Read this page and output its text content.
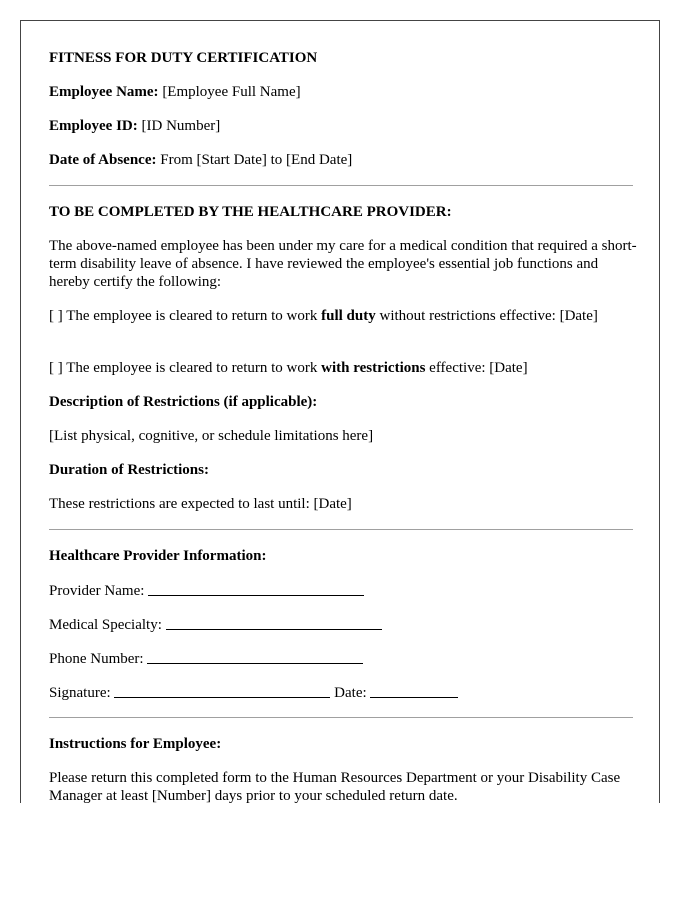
FITNESS FOR DUTY CERTIFICATION
Employee Name: [Employee Full Name]
Employee ID: [ID Number]
Date of Absence: From [Start Date] to [End Date]
TO BE COMPLETED BY THE HEALTHCARE PROVIDER:
The above-named employee has been under my care for a medical condition that required a short-term disability leave of absence. I have reviewed the employee's essential job functions and hereby certify the following:
[ ] The employee is cleared to return to work full duty without restrictions effective: [Date]
[ ] The employee is cleared to return to work with restrictions effective: [Date]
Description of Restrictions (if applicable):
[List physical, cognitive, or schedule limitations here]
Duration of Restrictions:
These restrictions are expected to last until: [Date]
Healthcare Provider Information:
Provider Name:
Medical Specialty:
Phone Number:
Signature:	Date:
Instructions for Employee:
Please return this completed form to the Human Resources Department or your Disability Case Manager at least [Number] days prior to your scheduled return date.
